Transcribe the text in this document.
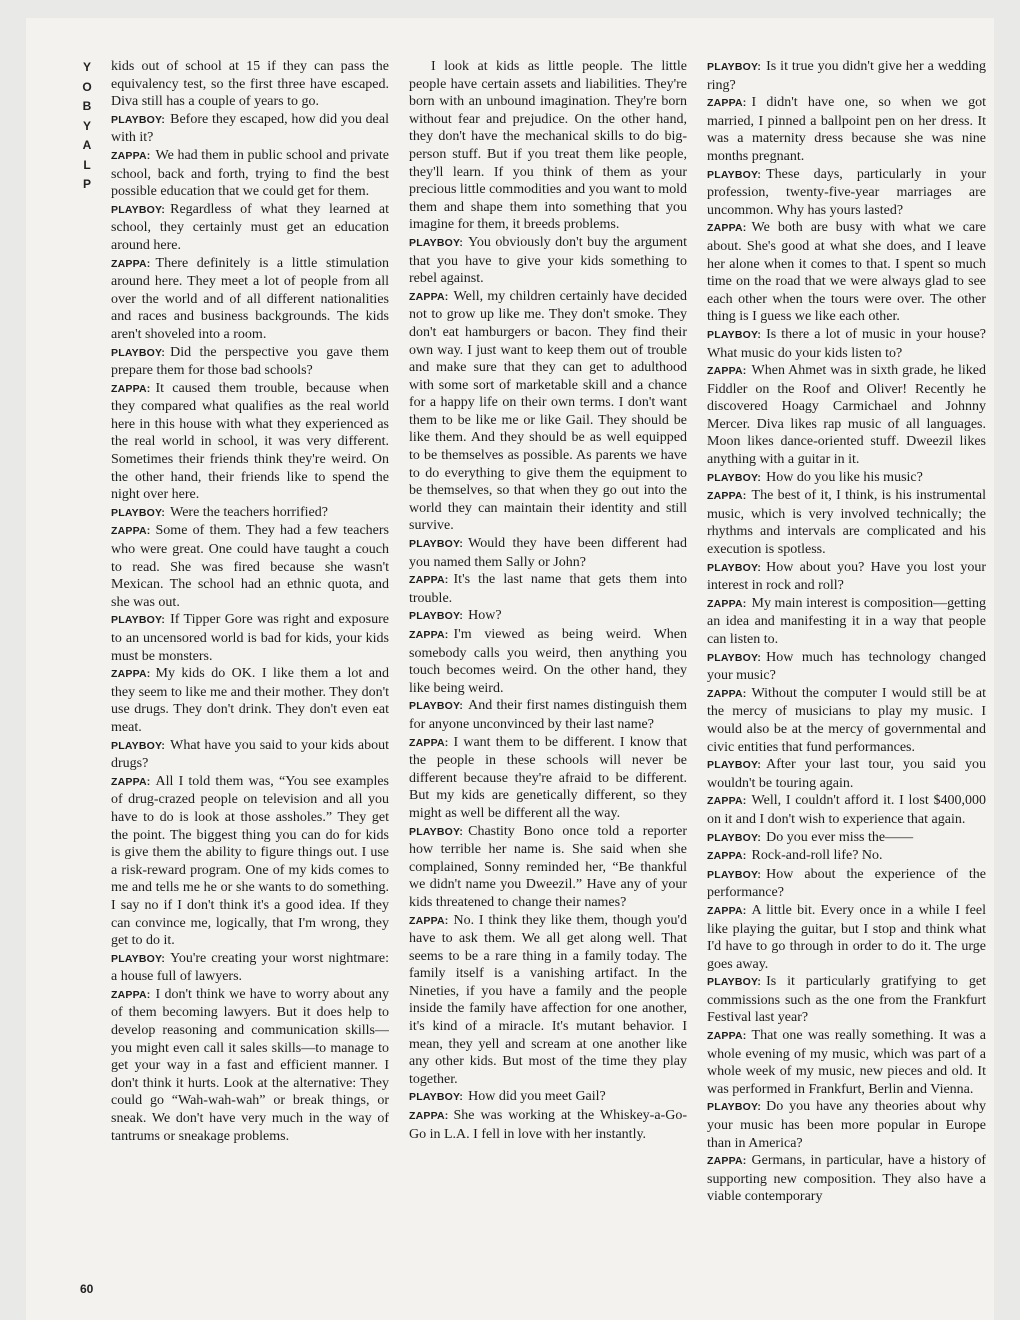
Y
O
B
Y
A
L
P

kids out of school at 15 if they can pass the equivalency test, so the first three have escaped. Diva still has a couple of years to go.

PLAYBOY: Before they escaped, how did you deal with it?

ZAPPA: We had them in public school and private school, back and forth, trying to find the best possible education that we could get for them.

PLAYBOY: Regardless of what they learned at school, they certainly must get an education around here.

ZAPPA: There definitely is a little stimulation around here. They meet a lot of people from all over the world and of all different nationalities and races and business backgrounds. The kids aren't shoveled into a room.

PLAYBOY: Did the perspective you gave them prepare them for those bad schools?

ZAPPA: It caused them trouble, because when they compared what qualifies as the real world here in this house with what they experienced as the real world in school, it was very different. Sometimes their friends think they're weird. On the other hand, their friends like to spend the night over here.

PLAYBOY: Were the teachers horrified?

ZAPPA: Some of them. They had a few teachers who were great. One could have taught a couch to read. She was fired because she wasn't Mexican. The school had an ethnic quota, and she was out.

PLAYBOY: If Tipper Gore was right and exposure to an uncensored world is bad for kids, your kids must be monsters.

ZAPPA: My kids do OK. I like them a lot and they seem to like me and their mother. They don't use drugs. They don't drink. They don't even eat meat.

PLAYBOY: What have you said to your kids about drugs?

ZAPPA: All I told them was, “You see examples of drug-crazed people on television and all you have to do is look at those assholes.” They get the point. The biggest thing you can do for kids is give them the ability to figure things out. I use a risk-reward program. One of my kids comes to me and tells me he or she wants to do something. I say no if I don't think it's a good idea. If they can convince me, logically, that I'm wrong, they get to do it.

PLAYBOY: You're creating your worst nightmare: a house full of lawyers.

ZAPPA: I don't think we have to worry about any of them becoming lawyers. But it does help to develop reasoning and communication skills—you might even call it sales skills—to manage to get your way in a fast and efficient manner. I don't think it hurts. Look at the alternative: They could go “Wah-wah-wah” or break things, or sneak. We don't have very much in the way of tantrums or sneakage problems.

I look at kids as little people. The little people have certain assets and liabilities. They're born with an unbound imagination. They're born without fear and prejudice. On the other hand, they don't have the mechanical skills to do big-person stuff. But if you treat them like people, they'll learn. If you think of them as your precious little commodities and you want to mold them and shape them into something that you imagine for them, it breeds problems.

PLAYBOY: You obviously don't buy the argument that you have to give your kids something to rebel against.

ZAPPA: Well, my children certainly have decided not to grow up like me. They don't smoke. They don't eat hamburgers or bacon. They find their own way. I just want to keep them out of trouble and make sure that they can get to adulthood with some sort of marketable skill and a chance for a happy life on their own terms. I don't want them to be like me or like Gail. They should be like them. And they should be as well equipped to be themselves as possible. As parents we have to do everything to give them the equipment to be themselves, so that when they go out into the world they can maintain their identity and still survive.

PLAYBOY: Would they have been different had you named them Sally or John?

ZAPPA: It's the last name that gets them into trouble.

PLAYBOY: How?

ZAPPA: I'm viewed as being weird. When somebody calls you weird, then anything you touch becomes weird. On the other hand, they like being weird.

PLAYBOY: And their first names distinguish them for anyone unconvinced by their last name?

ZAPPA: I want them to be different. I know that the people in these schools will never be different because they're afraid to be different. But my kids are genetically different, so they might as well be different all the way.

PLAYBOY: Chastity Bono once told a reporter how terrible her name is. She said when she complained, Sonny reminded her, “Be thankful we didn't name you Dweezil.” Have any of your kids threatened to change their names?

ZAPPA: No. I think they like them, though you'd have to ask them. We all get along well. That seems to be a rare thing in a family today. The family itself is a vanishing artifact. In the Nineties, if you have a family and the people inside the family have affection for one another, it's kind of a miracle. It's mutant behavior. I mean, they yell and scream at one another like any other kids. But most of the time they play together.

PLAYBOY: How did you meet Gail?

ZAPPA: She was working at the Whiskey-a-Go-Go in L.A. I fell in love with her instantly.

PLAYBOY: Is it true you didn't give her a wedding ring?

ZAPPA: I didn't have one, so when we got married, I pinned a ballpoint pen on her dress. It was a maternity dress because she was nine months pregnant.

PLAYBOY: These days, particularly in your profession, twenty-five-year marriages are uncommon. Why has yours lasted?

ZAPPA: We both are busy with what we care about. She's good at what she does, and I leave her alone when it comes to that. I spent so much time on the road that we were always glad to see each other when the tours were over. The other thing is I guess we like each other.

PLAYBOY: Is there a lot of music in your house? What music do your kids listen to?

ZAPPA: When Ahmet was in sixth grade, he liked Fiddler on the Roof and Oliver! Recently he discovered Hoagy Carmichael and Johnny Mercer. Diva likes rap music of all languages. Moon likes dance-oriented stuff. Dweezil likes anything with a guitar in it.

PLAYBOY: How do you like his music?

ZAPPA: The best of it, I think, is his instrumental music, which is very involved technically; the rhythms and intervals are complicated and his execution is spotless.

PLAYBOY: How about you? Have you lost your interest in rock and roll?

ZAPPA: My main interest is composition—getting an idea and manifesting it in a way that people can listen to.

PLAYBOY: How much has technology changed your music?

ZAPPA: Without the computer I would still be at the mercy of musicians to play my music. I would also be at the mercy of governmental and civic entities that fund performances.

PLAYBOY: After your last tour, you said you wouldn't be touring again.

ZAPPA: Well, I couldn't afford it. I lost $400,000 on it and I don't wish to experience that again.

PLAYBOY: Do you ever miss the——

ZAPPA: Rock-and-roll life? No.

PLAYBOY: How about the experience of the performance?

ZAPPA: A little bit. Every once in a while I feel like playing the guitar, but I stop and think what I'd have to go through in order to do it. The urge goes away.

PLAYBOY: Is it particularly gratifying to get commissions such as the one from the Frankfurt Festival last year?

ZAPPA: That one was really something. It was a whole evening of my music, which was part of a whole week of my music, new pieces and old. It was performed in Frankfurt, Berlin and Vienna.

PLAYBOY: Do you have any theories about why your music has been more popular in Europe than in America?

ZAPPA: Germans, in particular, have a history of supporting new composition. They also have a viable contemporary

60
